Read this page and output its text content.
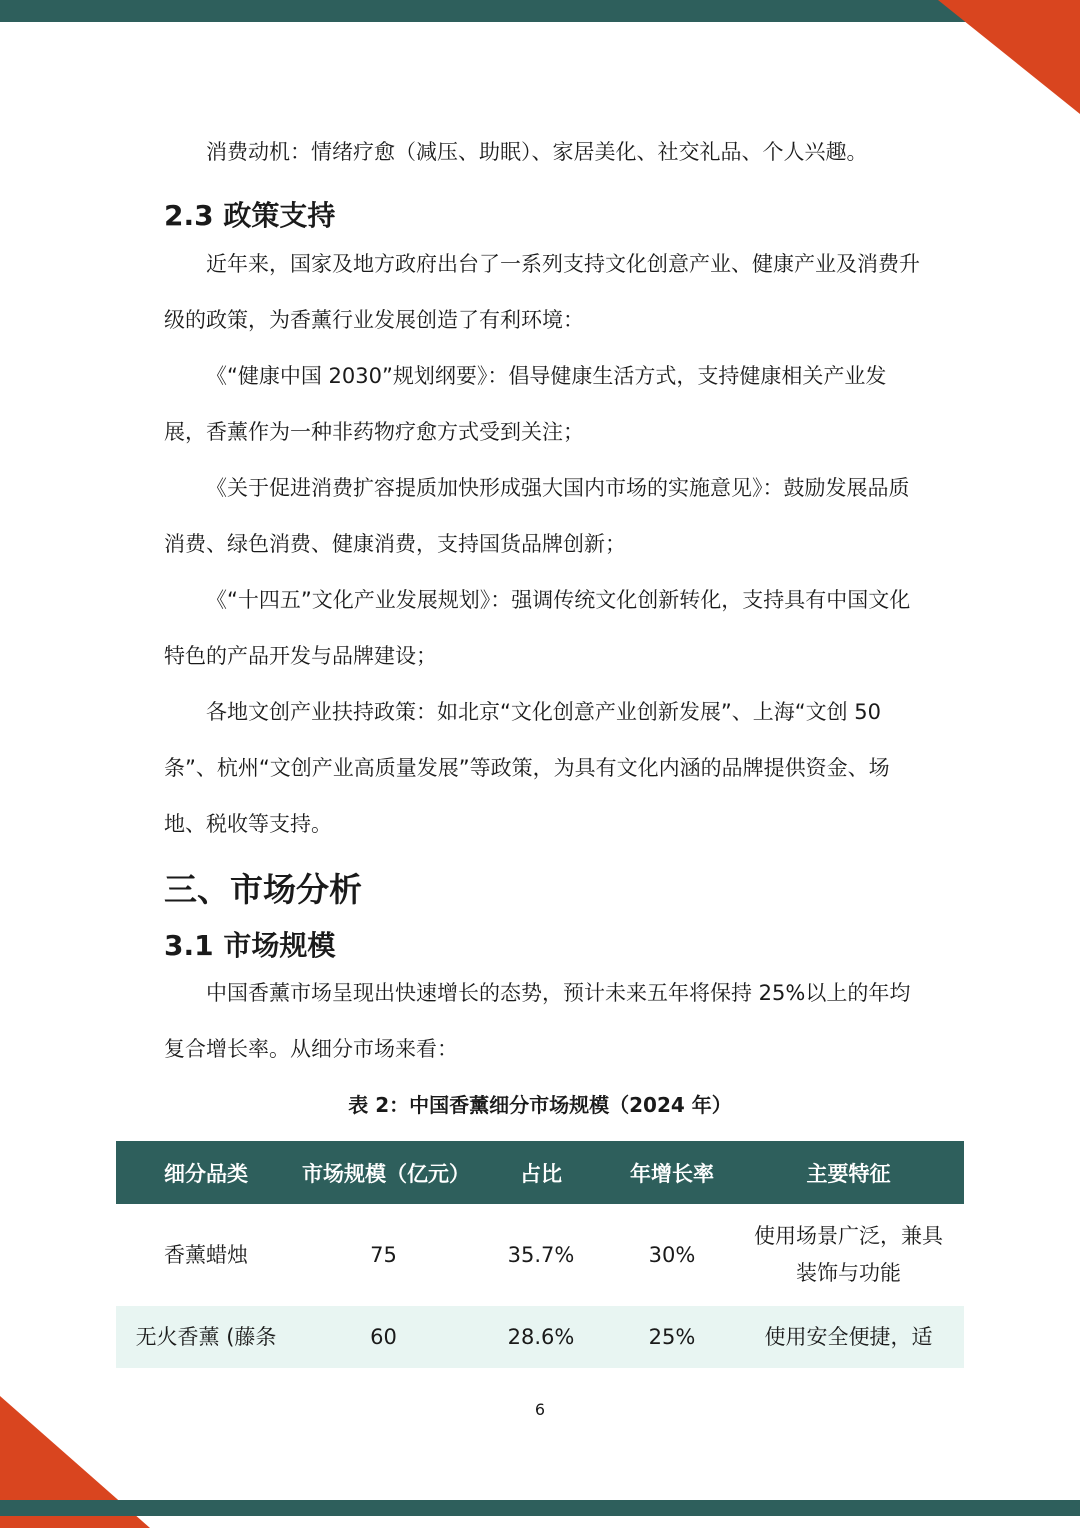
消费动机：情绪疗愈（减压、助眠）、家居美化、社交礼品、个人兴趣。

2.3 政策支持

近年来，国家及地方政府出台了一系列支持文化创意产业、健康产业及消费升级的政策，为香薰行业发展创造了有利环境：

《“健康中国 2030”规划纲要》：倡导健康生活方式，支持健康相关产业发展，香薰作为一种非药物疗愈方式受到关注；

《关于促进消费扩容提质加快形成强大国内市场的实施意见》：鼓励发展品质消费、绿色消费、健康消费，支持国货品牌创新；

《“十四五”文化产业发展规划》：强调传统文化创新转化，支持具有中国文化特色的产品开发与品牌建设；

各地文创产业扶持政策：如北京“文化创意产业创新发展”、上海“文创 50 条”、杭州“文创产业高质量发展”等政策，为具有文化内涵的品牌提供资金、场地、税收等支持。

三、市场分析
3.1 市场规模

中国香薰市场呈现出快速增长的态势，预计未来五年将保持 25%以上的年均复合增长率。从细分市场来看：

表 2：中国香薰细分市场规模（2024 年）
细分品类	市场规模（亿元）	占比	年增长率	主要特征
香薰蜡烛	75	35.7%	30%	使用场景广泛，兼具装饰与功能
无火香薰 (藤条	60	28.6%	25%	使用安全便捷，适
6
